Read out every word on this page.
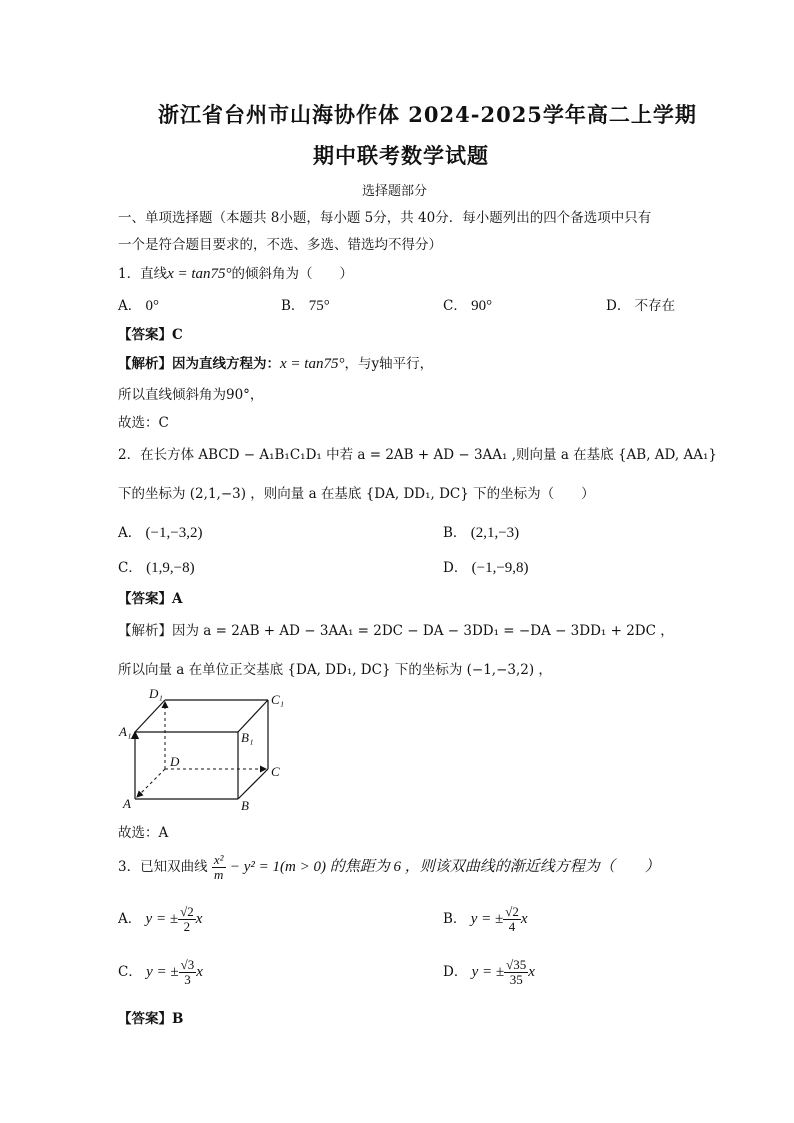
浙江省台州市山海协作体 2024-2025学年高二上学期
期中联考数学试题
选择题部分
一、单项选择题（本题共 8小题，每小题 5分，共 40分．每小题列出的四个备选项中只有
一个是符合题目要求的，不选、多选、错选均不得分）
1．直线x = tan75°的倾斜角为（　　）
A． 0°	B． 75°	C． 90°	D． 不存在
【答案】C
【解析】因为直线方程为：x = tan75°，与y轴平行，
所以直线倾斜角为90°，
故选：C
2．在长方体 ABCD − A₁B₁C₁D₁ 中若 a = 2AB + AD − 3AA₁ ,则向量 a 在基底 {AB, AD, AA₁}
下的坐标为 (2,1,−3) ，则向量 a 在基底 {DA, DD₁, DC} 下的坐标为（　　）
A． (−1,−3,2)	B． (2,1,−3)
C． (1,9,−8)	D． (−1,−9,8)
【答案】A
【解析】因为 a = 2AB + AD − 3AA₁ = 2DC − DA − 3DD₁ = −DA − 3DD₁ + 2DC ，
所以向量 a 在单位正交基底 {DA, DD₁, DC} 下的坐标为 (−1,−3,2) ，
A	B
C
D
A₁	B₁
C₁
D₁
故选：A
3．已知双曲线 $\frac{\text{x²}}{m} - y^2 = 1(m > 0)$ 的焦距为 6 ，则该双曲线的渐近线方程为（　　）
A． y = ± $\frac{√2}{2}$ x	B． y = ± $\frac{√2}{4}$ x
C． y = ± $\frac{√3}{3}$ x	D． y = ± $\frac{√35}{35}$ x
【答案】B
